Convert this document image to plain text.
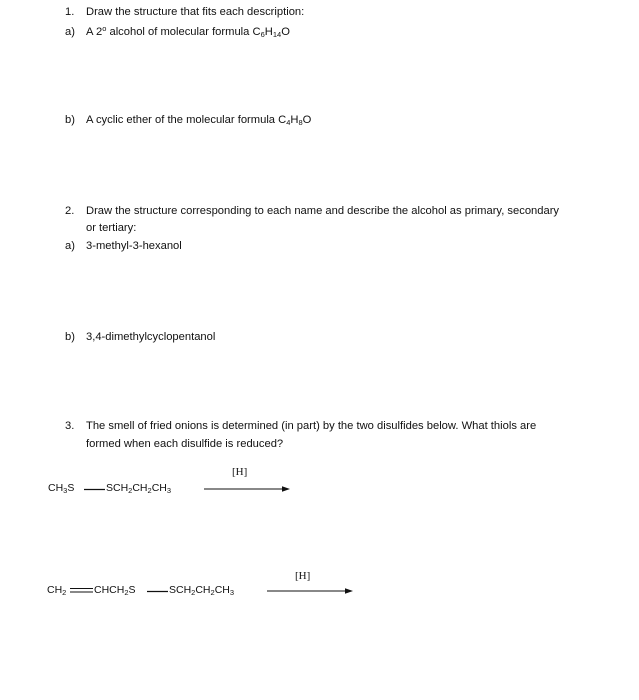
1. Draw the structure that fits each description:
a) A 2$^o$ alcohol of molecular formula $C_6H_{14}O$
b) A cyclic ether of the molecular formula $C_4H_8O$
2. Draw the structure corresponding to each name and describe the alcohol as primary, secondary
or tertiary:
a) 3-methyl-3-hexanol
b) 3,4-dimethylcyclopentanol
3. The smell of fried onions is determined (in part) by the two disulfides below. What thiols are
formed when each disulfide is reduced?
$CH_3S$	$SCH_2CH_2CH_3$
[H]
$CH_2$	$CHCH_2S$	$SCH_2CH_2CH_3$
[H]
